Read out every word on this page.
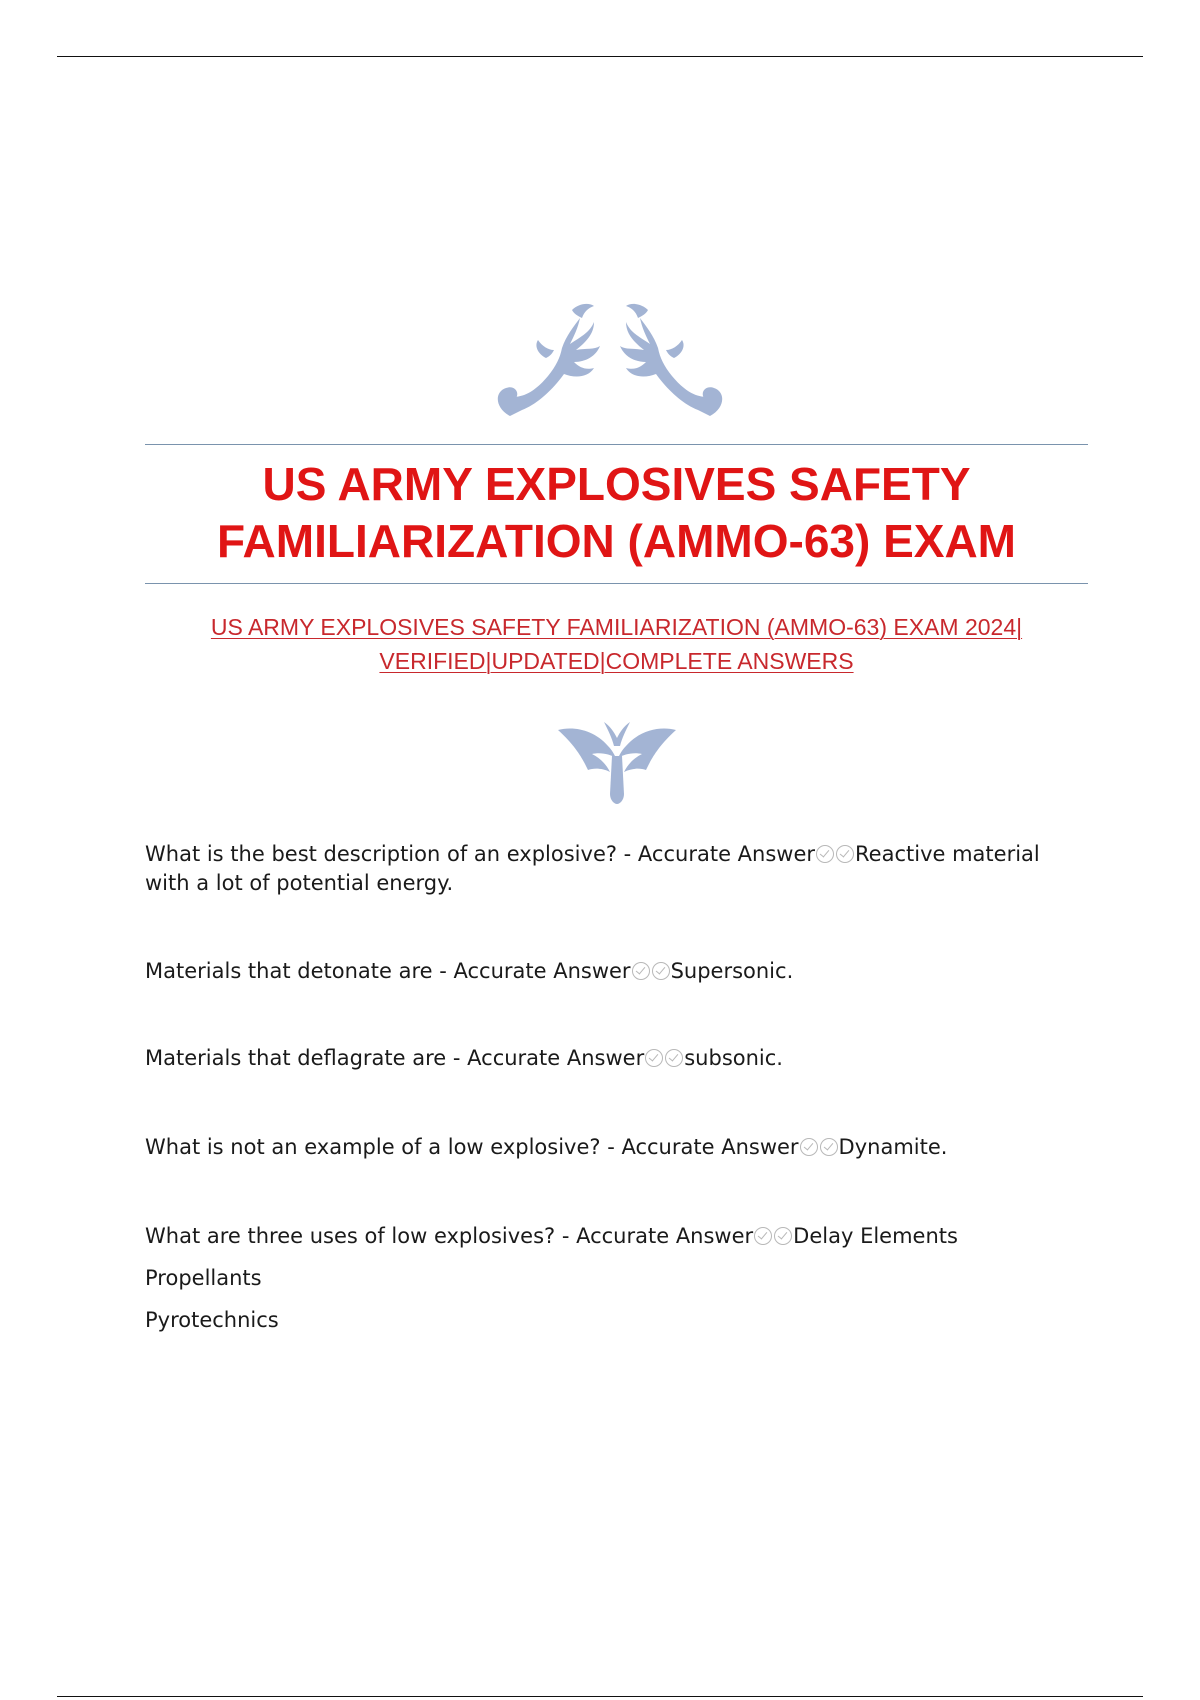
US ARMY EXPLOSIVES SAFETY
FAMILIARIZATION (AMMO-63) EXAM

US ARMY EXPLOSIVES SAFETY FAMILIARIZATION (AMMO-63) EXAM 2024|
VERIFIED|UPDATED|COMPLETE ANSWERS

What is the best description of an explosive? - Accurate Answer Reactive material with a lot of potential energy.
Materials that detonate are - Accurate Answer Supersonic.
Materials that deflagrate are - Accurate Answer subsonic.
What is not an example of a low explosive? - Accurate Answer Dynamite.
What are three uses of low explosives? - Accurate Answer Delay Elements
Propellants
Pyrotechnics
